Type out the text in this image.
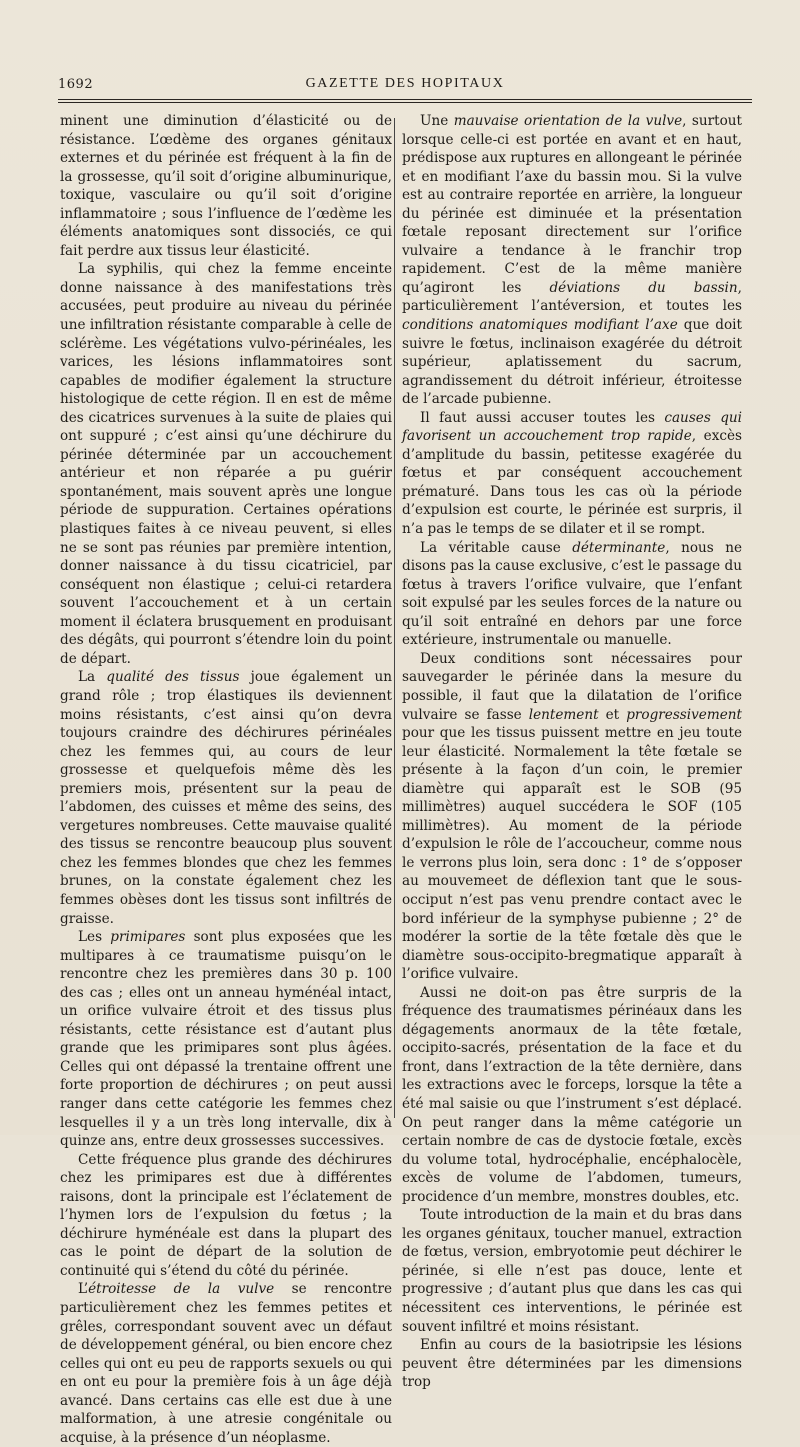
1692	GAZETTE DES HOPITAUX

minent une diminution d’élasticité ou de résistance. L’œdème des organes génitaux externes et du périnée est fréquent à la fin de la grossesse, qu’il soit d’origine albuminurique, toxique, vasculaire ou qu’il soit d’origine inflammatoire ; sous l’influence de l’œdème les éléments anatomiques sont dissociés, ce qui fait perdre aux tissus leur élasticité.

La syphilis, qui chez la femme enceinte donne naissance à des manifestations très accusées, peut produire au niveau du périnée une infiltration résistante comparable à celle de sclérème. Les végétations vulvo-périnéales, les varices, les lésions inflammatoires sont capables de modifier également la structure histologique de cette région. Il en est de même des cicatrices survenues à la suite de plaies qui ont suppuré ; c’est ainsi qu’une déchirure du périnée déterminée par un accouchement antérieur et non réparée a pu guérir spontanément, mais souvent après une longue période de suppuration. Certaines opérations plastiques faites à ce niveau peuvent, si elles ne se sont pas réunies par première intention, donner naissance à du tissu cicatriciel, par conséquent non élastique ; celui-ci retardera souvent l’accouchement et à un certain moment il éclatera brusquement en produisant des dégâts, qui pourront s’étendre loin du point de départ.

La qualité des tissus joue également un grand rôle ; trop élastiques ils deviennent moins résistants, c’est ainsi qu’on devra toujours craindre des déchirures périnéales chez les femmes qui, au cours de leur grossesse et quelquefois même dès les premiers mois, présentent sur la peau de l’abdomen, des cuisses et même des seins, des vergetures nombreuses. Cette mauvaise qualité des tissus se rencontre beaucoup plus souvent chez les femmes blondes que chez les femmes brunes, on la constate également chez les femmes obèses dont les tissus sont infiltrés de graisse.

Les primipares sont plus exposées que les multipares à ce traumatisme puisqu’on le rencontre chez les premières dans 30 p. 100 des cas ; elles ont un anneau hyménéal intact, un orifice vulvaire étroit et des tissus plus résistants, cette résistance est d’autant plus grande que les primipares sont plus âgées. Celles qui ont dépassé la trentaine offrent une forte proportion de déchirures ; on peut aussi ranger dans cette catégorie les femmes chez lesquelles il y a un très long intervalle, dix à quinze ans, entre deux grossesses successives.

Cette fréquence plus grande des déchirures chez les primipares est due à différentes raisons, dont la principale est l’éclatement de l’hymen lors de l’expulsion du fœtus ; la déchirure hyménéale est dans la plupart des cas le point de départ de la solution de continuité qui s’étend du côté du périnée.

L’étroitesse de la vulve se rencontre particulièrement chez les femmes petites et grêles, correspondant souvent avec un défaut de développement général, ou bien encore chez celles qui ont eu peu de rapports sexuels ou qui en ont eu pour la première fois à un âge déjà avancé. Dans certains cas elle est due à une malformation, à une atresie congénitale ou acquise, à la présence d’un néoplasme.

Une mauvaise orientation de la vulve, surtout lorsque celle-ci est portée en avant et en haut, prédispose aux ruptures en allongeant le périnée et en modifiant l’axe du bassin mou. Si la vulve est au contraire reportée en arrière, la longueur du périnée est diminuée et la présentation fœtale reposant directement sur l’orifice vulvaire a tendance à le franchir trop rapidement. C’est de la même manière qu’agiront les déviations du bassin, particulièrement l’antéversion, et toutes les conditions anatomiques modifiant l’axe que doit suivre le fœtus, inclinaison exagérée du détroit supérieur, aplatissement du sacrum, agrandissement du détroit inférieur, étroitesse de l’arcade pubienne.

Il faut aussi accuser toutes les causes qui favorisent un accouchement trop rapide, excès d’amplitude du bassin, petitesse exagérée du fœtus et par conséquent accouchement prématuré. Dans tous les cas où la période d’expulsion est courte, le périnée est surpris, il n’a pas le temps de se dilater et il se rompt.

La véritable cause déterminante, nous ne disons pas la cause exclusive, c’est le passage du fœtus à travers l’orifice vulvaire, que l’enfant soit expulsé par les seules forces de la nature ou qu’il soit entraîné en dehors par une force extérieure, instrumentale ou manuelle.

Deux conditions sont nécessaires pour sauvegarder le périnée dans la mesure du possible, il faut que la dilatation de l’orifice vulvaire se fasse lentement et progressivement pour que les tissus puissent mettre en jeu toute leur élasticité. Normalement la tête fœtale se présente à la façon d’un coin, le premier diamètre qui apparaît est le SOB (95 millimètres) auquel succédera le SOF (105 millimètres). Au moment de la période d’expulsion le rôle de l’accoucheur, comme nous le verrons plus loin, sera donc : 1° de s’opposer au mouvemeet de déflexion tant que le sous-occiput n’est pas venu prendre contact avec le bord inférieur de la symphyse pubienne ; 2° de modérer la sortie de la tête fœtale dès que le diamètre sous-occipito-bregmatique apparaît à l’orifice vulvaire.

Aussi ne doit-on pas être surpris de la fréquence des traumatismes périnéaux dans les dégagements anormaux de la tête fœtale, occipito-sacrés, présentation de la face et du front, dans l’extraction de la tête dernière, dans les extractions avec le forceps, lorsque la tête a été mal saisie ou que l’instrument s’est déplacé. On peut ranger dans la même catégorie un certain nombre de cas de dystocie fœtale, excès du volume total, hydrocéphalie, encéphalocèle, excès de volume de l’abdomen, tumeurs, procidence d’un membre, monstres doubles, etc.

Toute introduction de la main et du bras dans les organes génitaux, toucher manuel, extraction de fœtus, version, embryotomie peut déchirer le périnée, si elle n’est pas douce, lente et progressive ; d’autant plus que dans les cas qui nécessitent ces interventions, le périnée est souvent infiltré et moins résistant.

Enfin au cours de la basiotripsie les lésions peuvent être déterminées par les dimensions trop
